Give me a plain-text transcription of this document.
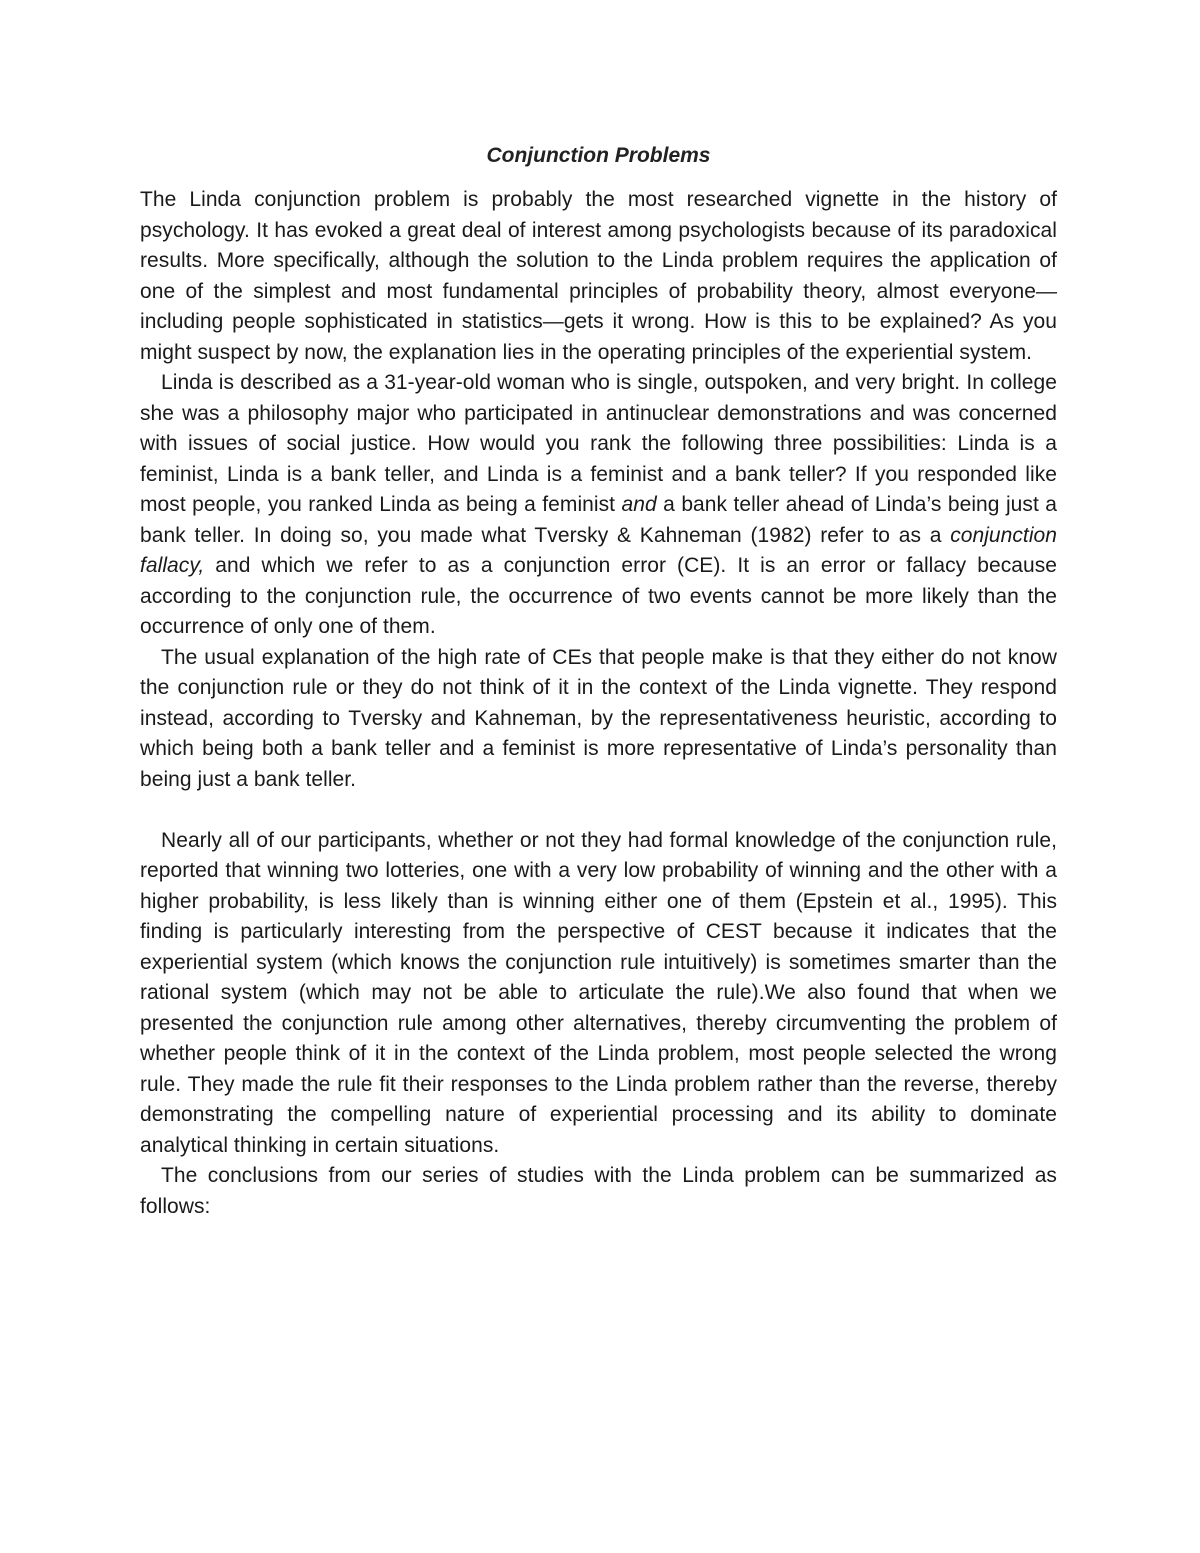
Conjunction Problems

The Linda conjunction problem is probably the most researched vignette in the history of psychology. It has evoked a great deal of interest among psychologists because of its paradoxical results. More specifically, although the solution to the Linda problem requires the application of one of the simplest and most fundamental principles of probability theory, almost everyone—including people sophisticated in statistics—gets it wrong. How is this to be explained? As you might suspect by now, the explanation lies in the operating principles of the experiential system.

Linda is described as a 31-year-old woman who is single, outspoken, and very bright. In college she was a philosophy major who participated in antinuclear demonstrations and was concerned with issues of social justice. How would you rank the following three possibilities: Linda is a feminist, Linda is a bank teller, and Linda is a feminist and a bank teller? If you responded like most people, you ranked Linda as being a feminist and a bank teller ahead of Linda’s being just a bank teller. In doing so, you made what Tversky & Kahneman (1982) refer to as a conjunction fallacy, and which we refer to as a conjunction error (CE). It is an error or fallacy because according to the conjunction rule, the occurrence of two events cannot be more likely than the occurrence of only one of them.

The usual explanation of the high rate of CEs that people make is that they either do not know the conjunction rule or they do not think of it in the context of the Linda vignette. They respond instead, according to Tversky and Kahneman, by the representativeness heuristic, according to which being both a bank teller and a feminist is more representative of Linda’s personality than being just a bank teller.

Nearly all of our participants, whether or not they had formal knowledge of the conjunction rule, reported that winning two lotteries, one with a very low probability of winning and the other with a higher probability, is less likely than is winning either one of them (Epstein et al., 1995). This finding is particularly interesting from the perspective of CEST because it indicates that the experiential system (which knows the conjunction rule intuitively) is sometimes smarter than the rational system (which may not be able to articulate the rule).We also found that when we presented the conjunction rule among other alternatives, thereby circumventing the problem of whether people think of it in the context of the Linda problem, most people selected the wrong rule. They made the rule fit their responses to the Linda problem rather than the reverse, thereby demonstrating the compelling nature of experiential processing and its ability to dominate analytical thinking in certain situations.

The conclusions from our series of studies with the Linda problem can be summarized as follows:
